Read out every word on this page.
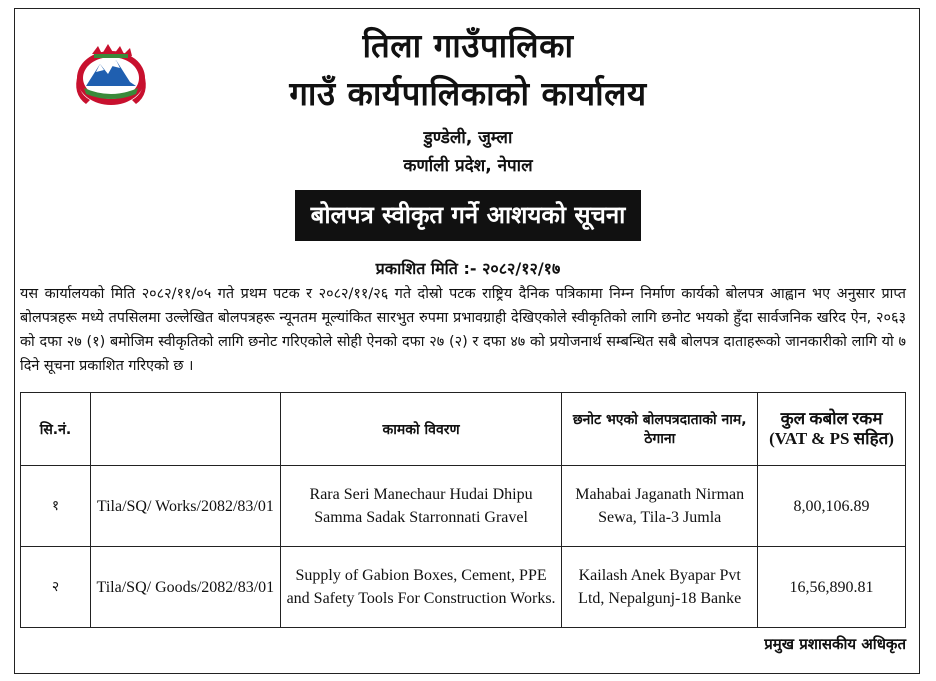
तिला गाउँपालिका
गाउँ कार्यपालिकाको कार्यालय
डुण्डेली, जुम्ला
कर्णाली प्रदेश, नेपाल
बोलपत्र स्वीकृत गर्ने आशयको सूचना
प्रकाशित मिति :- २०८२/१२/१७
यस कार्यालयको मिति २०८२/११/०५ गते प्रथम पटक र २०८२/११/२६ गते दोस्रो पटक राष्ट्रिय दैनिक पत्रिकामा निम्न निर्माण कार्यको बोलपत्र आह्वान भए अनुसार प्राप्त बोलपत्रहरू मध्ये तपसिलमा उल्लेखित बोलपत्रहरू न्यूनतम मूल्यांकित सारभुत रुपमा प्रभावग्राही देखिएकोले स्वीकृतिको लागि छनोट भयको हुँदा सार्वजनिक खरिद ऐन, २०६३ को दफा २७ (१) बमोजिम स्वीकृतिको लागि छनोट गरिएकोले सोही ऐनको दफा २७ (२) र दफा ४७ को प्रयोजनार्थ सम्बन्धित सबै बोलपत्र दाताहरूको जानकारीको लागि यो ७ दिने सूचना प्रकाशित गरिएको छ ।
सि.नं.		कामको विवरण	छनोट भएको बोलपत्रदाताको नाम, ठेगाना	कुल कबोल रकम (VAT & PS सहित)
१	Tila/SQ/ Works/2082/83/01	Rara Seri Manechaur Hudai Dhipu Samma Sadak Starronnati Gravel	Mahabai Jaganath Nirman Sewa, Tila-3 Jumla	8,00,106.89
२	Tila/SQ/ Goods/2082/83/01	Supply of Gabion Boxes, Cement, PPE and Safety Tools For Construction Works.	Kailash Anek Byapar Pvt Ltd, Nepalgunj-18 Banke	16,56,890.81
प्रमुख प्रशासकीय अधिकृत
